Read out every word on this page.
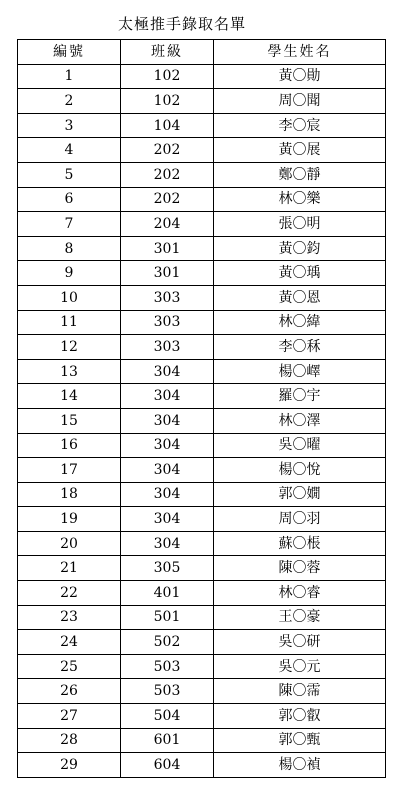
太極推手錄取名單
編號	班級	學生姓名
1	102	黃〇勛
2	102	周〇聞
3	104	李〇宸
4	202	黃〇展
5	202	鄭〇靜
6	202	林〇樂
7	204	張〇明
8	301	黃〇鈞
9	301	黃〇瑀
10	303	黃〇恩
11	303	林〇緯
12	303	李〇秝
13	304	楊〇嶧
14	304	羅〇宇
15	304	林〇澤
16	304	吳〇曜
17	304	楊〇悅
18	304	郭〇嫺
19	304	周〇羽
20	304	蘇〇棖
21	305	陳〇蓉
22	401	林〇睿
23	501	王〇豪
24	502	吳〇研
25	503	吳〇元
26	503	陳〇霈
27	504	郭〇叡
28	601	郭〇甄
29	604	楊〇禎
